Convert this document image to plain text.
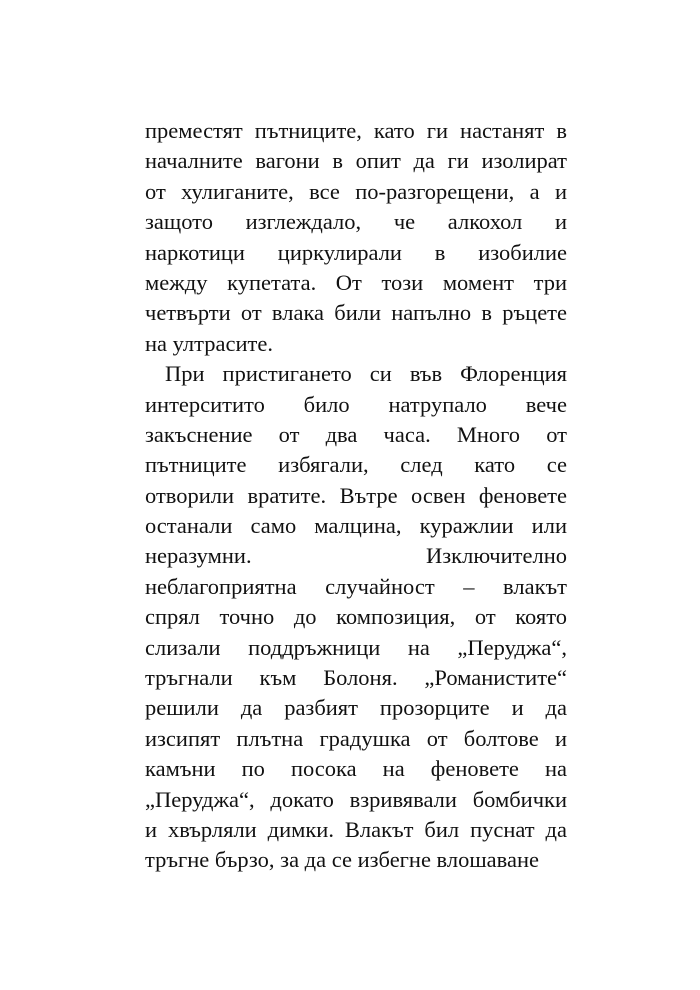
преместят пътниците, като ги настанят в
началните вагони в опит да ги изолират
от хулиганите, все по-разгорещени, а и
защото изглеждало, че алкохол и
наркотици циркулирали в изобилие
между купетата. От този момент три
четвърти от влака били напълно в ръцете
на ултрасите.
При пристигането си във Флоренция
интерситито било натрупало вече
закъснение от два часа. Много от
пътниците избягали, след като се
отворили вратите. Вътре освен феновете
останали само малцина, куражлии или
неразумни. Изключително
неблагоприятна случайност – влакът
спрял точно до композиция, от която
слизали поддръжници на „Перуджа“,
тръгнали към Болоня. „Романистите“
решили да разбият прозорците и да
изсипят плътна градушка от болтове и
камъни по посока на феновете на
„Перуджа“, докато взривявали бомбички
и хвърляли димки. Влакът бил пуснат да
тръгне бързо, за да се избегне влошаване
